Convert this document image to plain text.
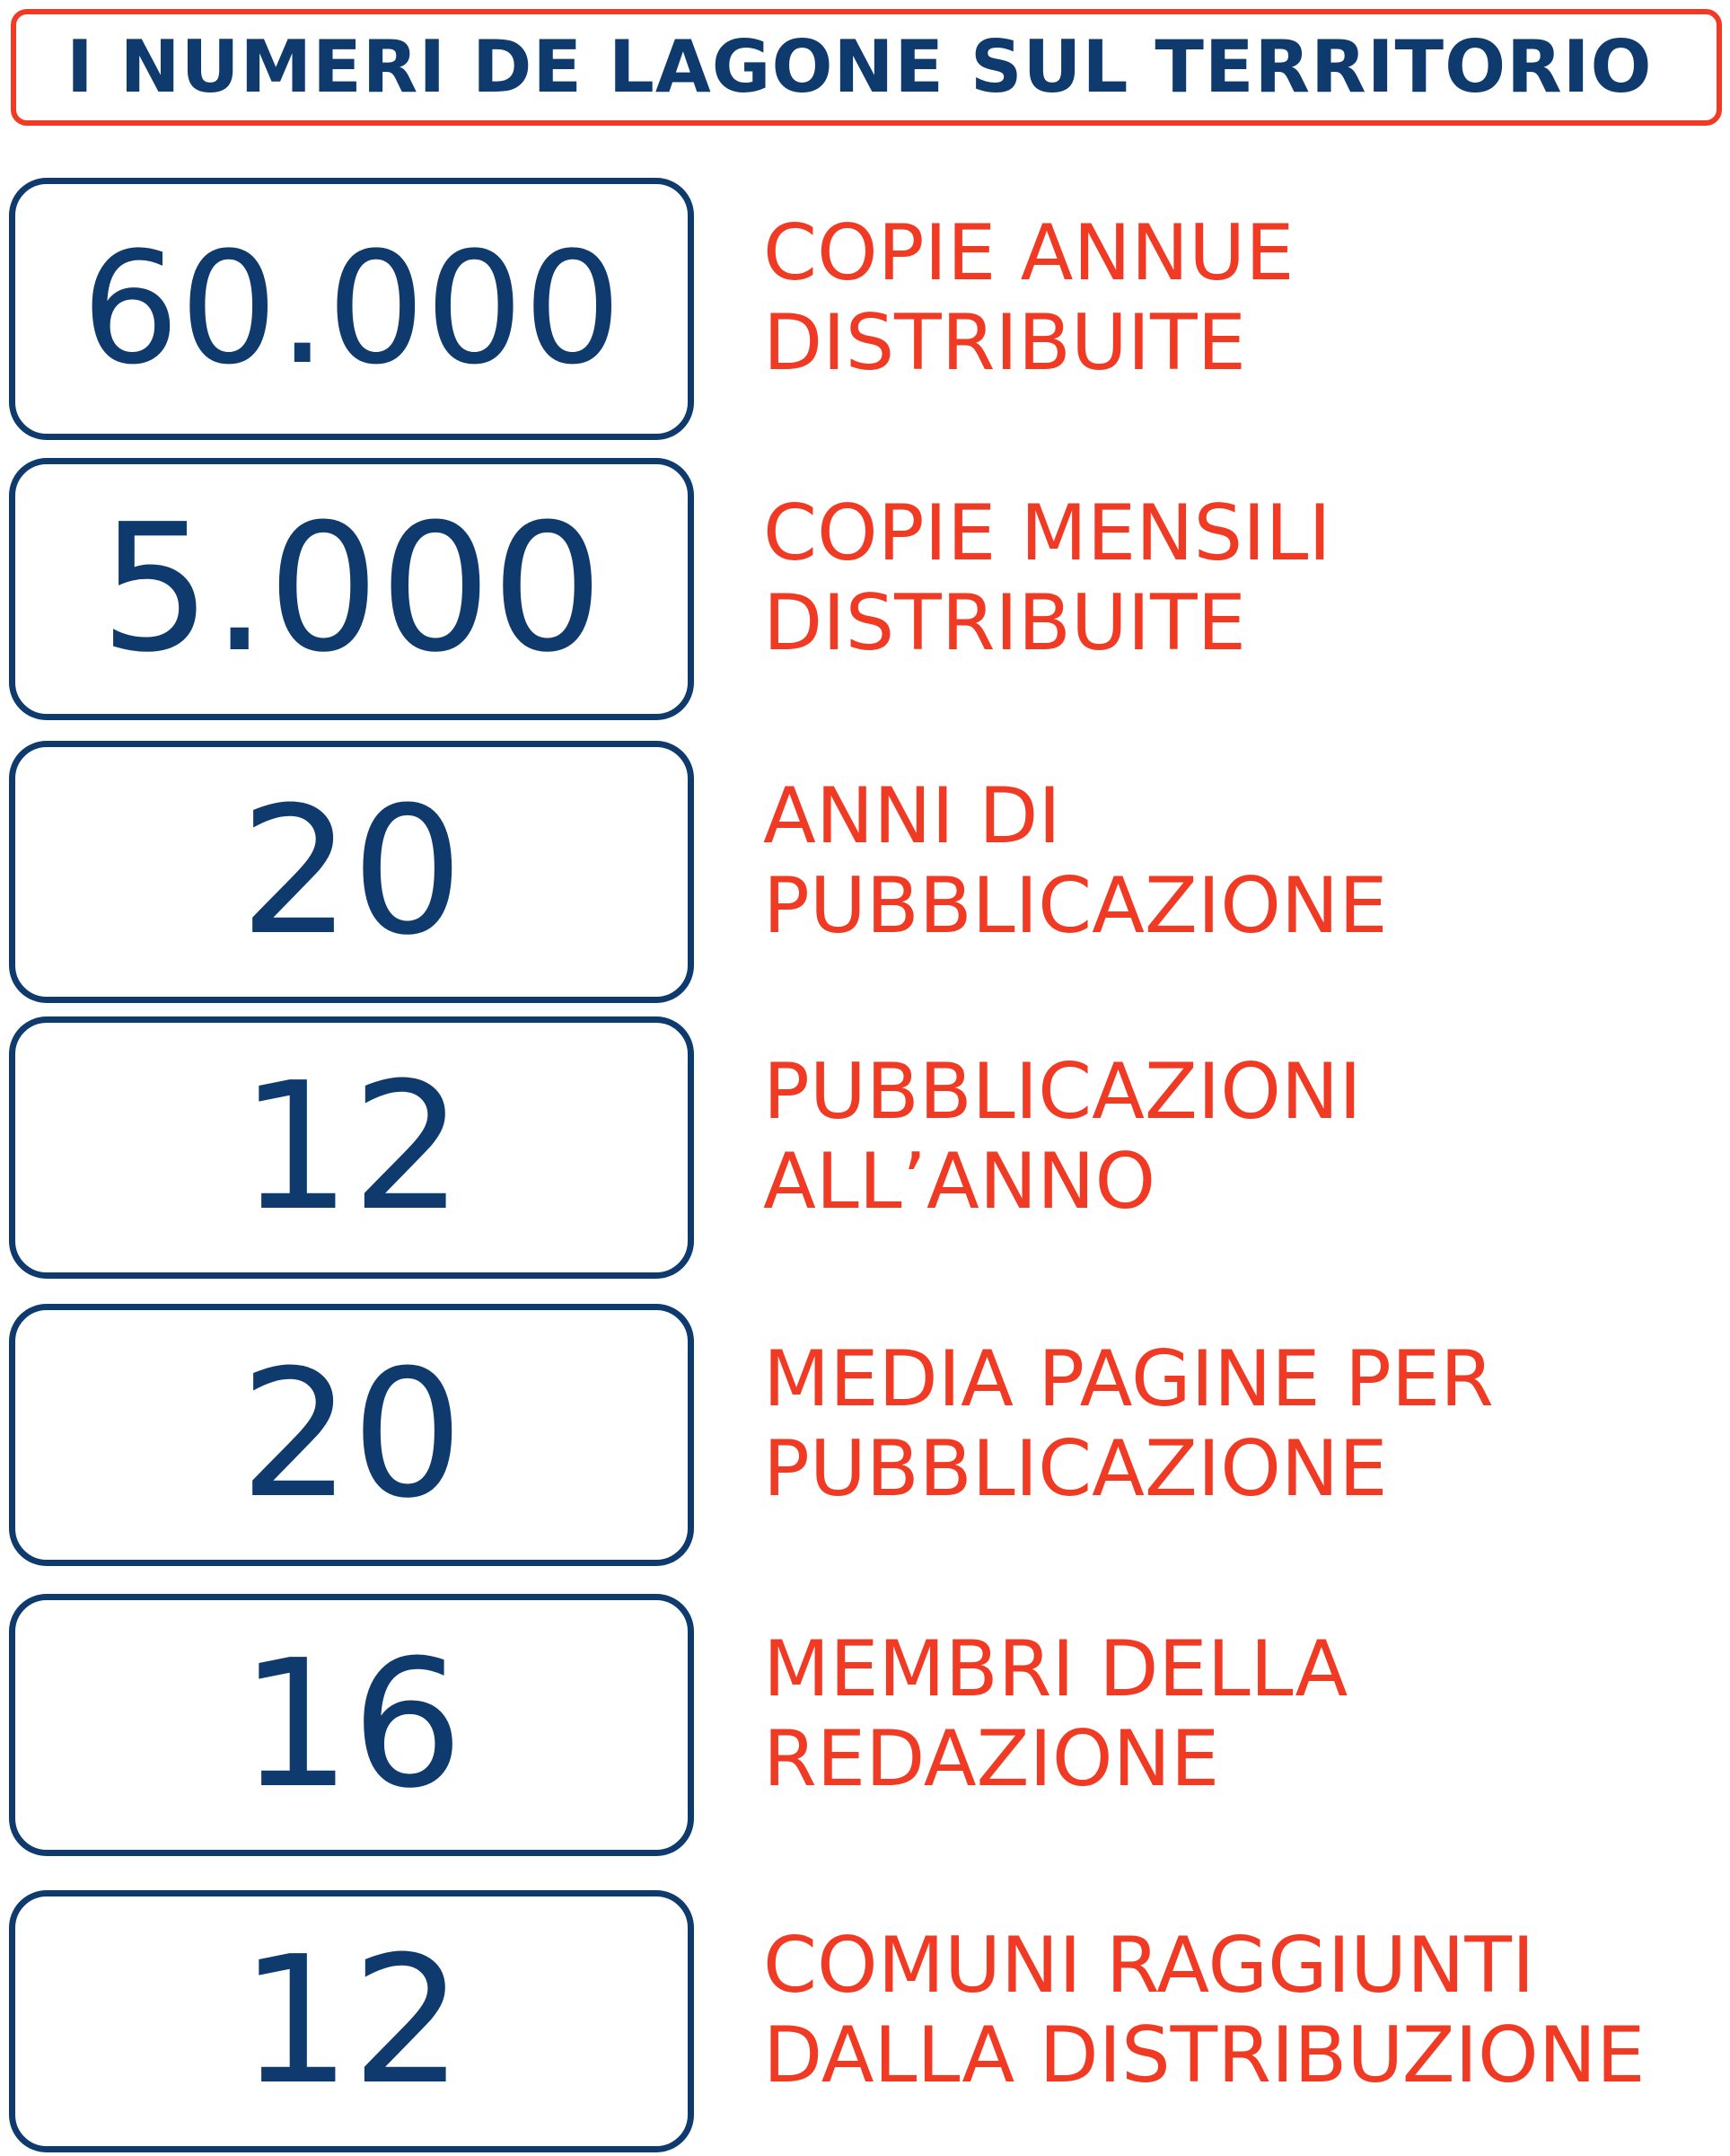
I NUMERI DE LAGONE SUL TERRITORIO
60.000 COPIE ANNUE
DISTRIBUITE
5.000 COPIE MENSILI
DISTRIBUITE
20	ANNI DI
PUBBLICAZIONE
12	PUBBLICAZIONI
ALL’ANNO
20	MEDIA PAGINE PER
PUBBLICAZIONE
16	MEMBRI DELLA
REDAZIONE
12	COMUNI RAGGIUNTI
DALLA DISTRIBUZIONE
